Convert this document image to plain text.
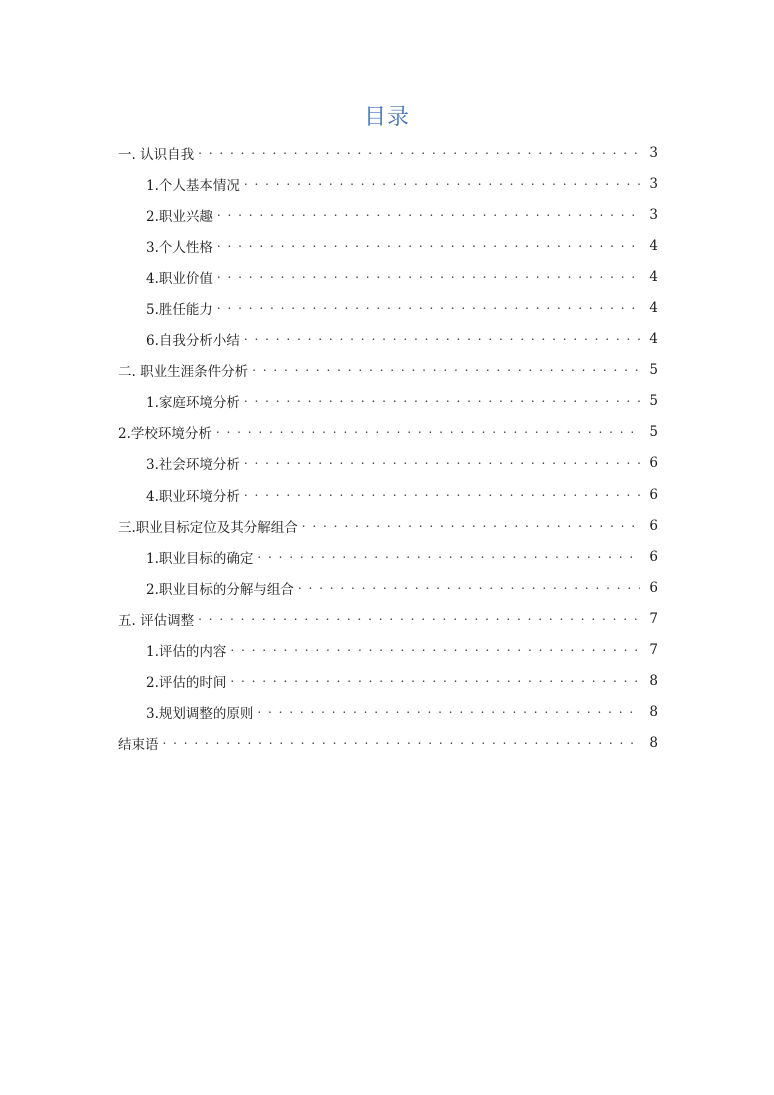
目录
一. 认识自我 . . .	3
1.个人基本情况 . . .	3
2.职业兴趣 . . .	3
3.个人性格 . . .	4
4.职业价值 . . .	4
5.胜任能力 . . .	4
6.自我分析小结 . . .	4
二. 职业生涯条件分析 . . .	5
1.家庭环境分析 . . .	5
2.学校环境分析 . . .	5
3.社会环境分析 . . .	6
4.职业环境分析 . . .	6
三.职业目标定位及其分解组合 . . .	6
1.职业目标的确定 . . .	6
2.职业目标的分解与组合 . . .	6
五. 评估调整 . . .	7
1.评估的内容 . . .	7
2.评估的时间 . . .	8
3.规划调整的原则 . . .	8
结束语 . . .	8
